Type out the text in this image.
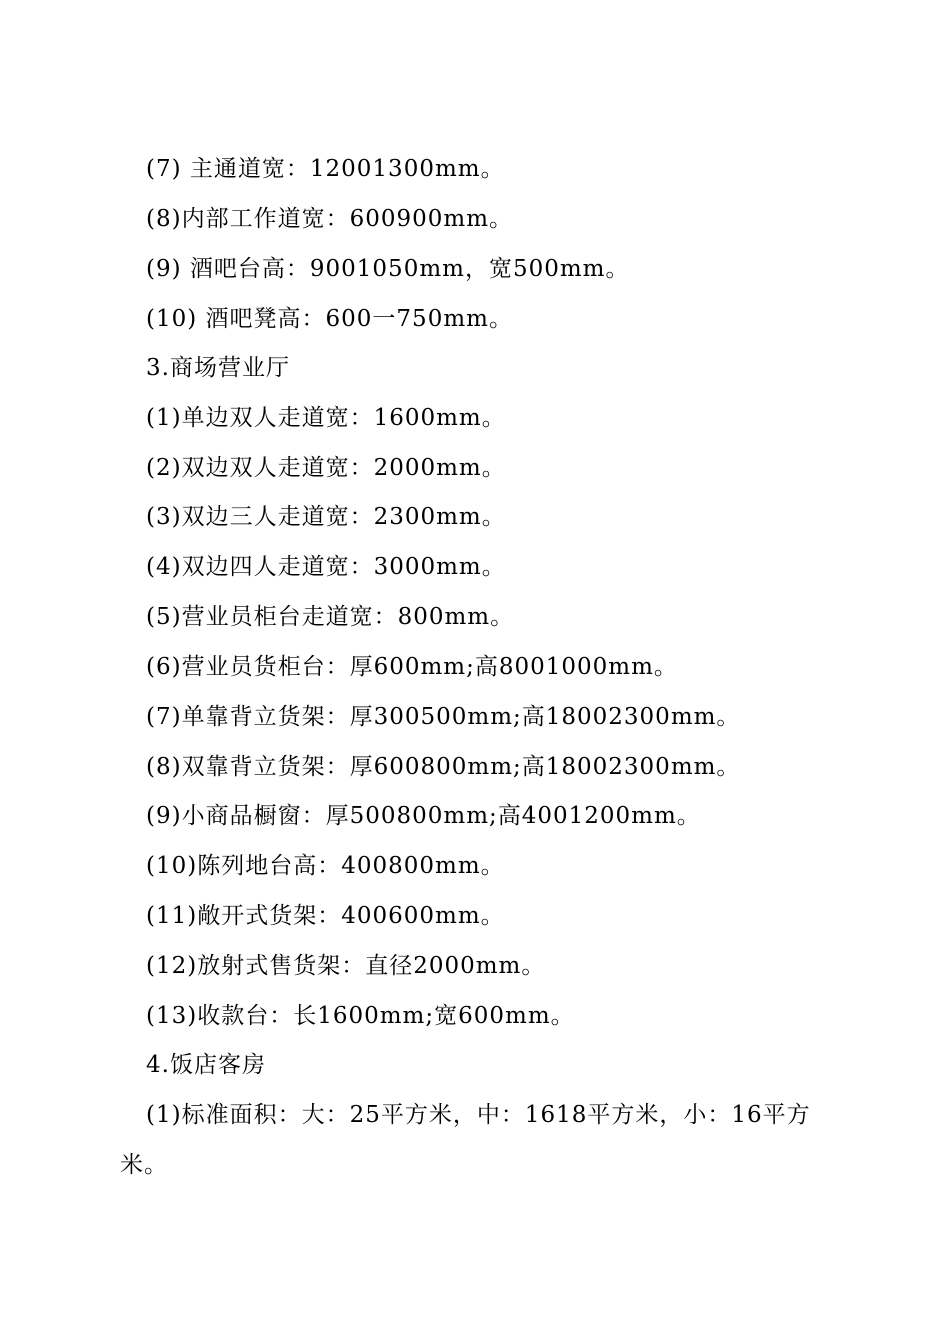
(7) 主通道宽：12001300mm。
(8)内部工作道宽：600900mm。
(9) 酒吧台高：9001050mm，宽500mm。
(10) 酒吧凳高：600一750mm。
3.商场营业厅
(1)单边双人走道宽：1600mm。
(2)双边双人走道宽：2000mm。
(3)双边三人走道宽：2300mm。
(4)双边四人走道宽：3000mm。
(5)营业员柜台走道宽：800mm。
(6)营业员货柜台：厚600mm;高8001000mm。
(7)单靠背立货架：厚300500mm;高18002300mm。
(8)双靠背立货架：厚600800mm;高18002300mm。
(9)小商品橱窗：厚500800mm;高4001200mm。
(10)陈列地台高：400800mm。
(11)敞开式货架：400600mm。
(12)放射式售货架：直径2000mm。
(13)收款台：长1600mm;宽600mm。
4.饭店客房
(1)标准面积：大：25平方米，中：1618平方米，小：16平方
米。
